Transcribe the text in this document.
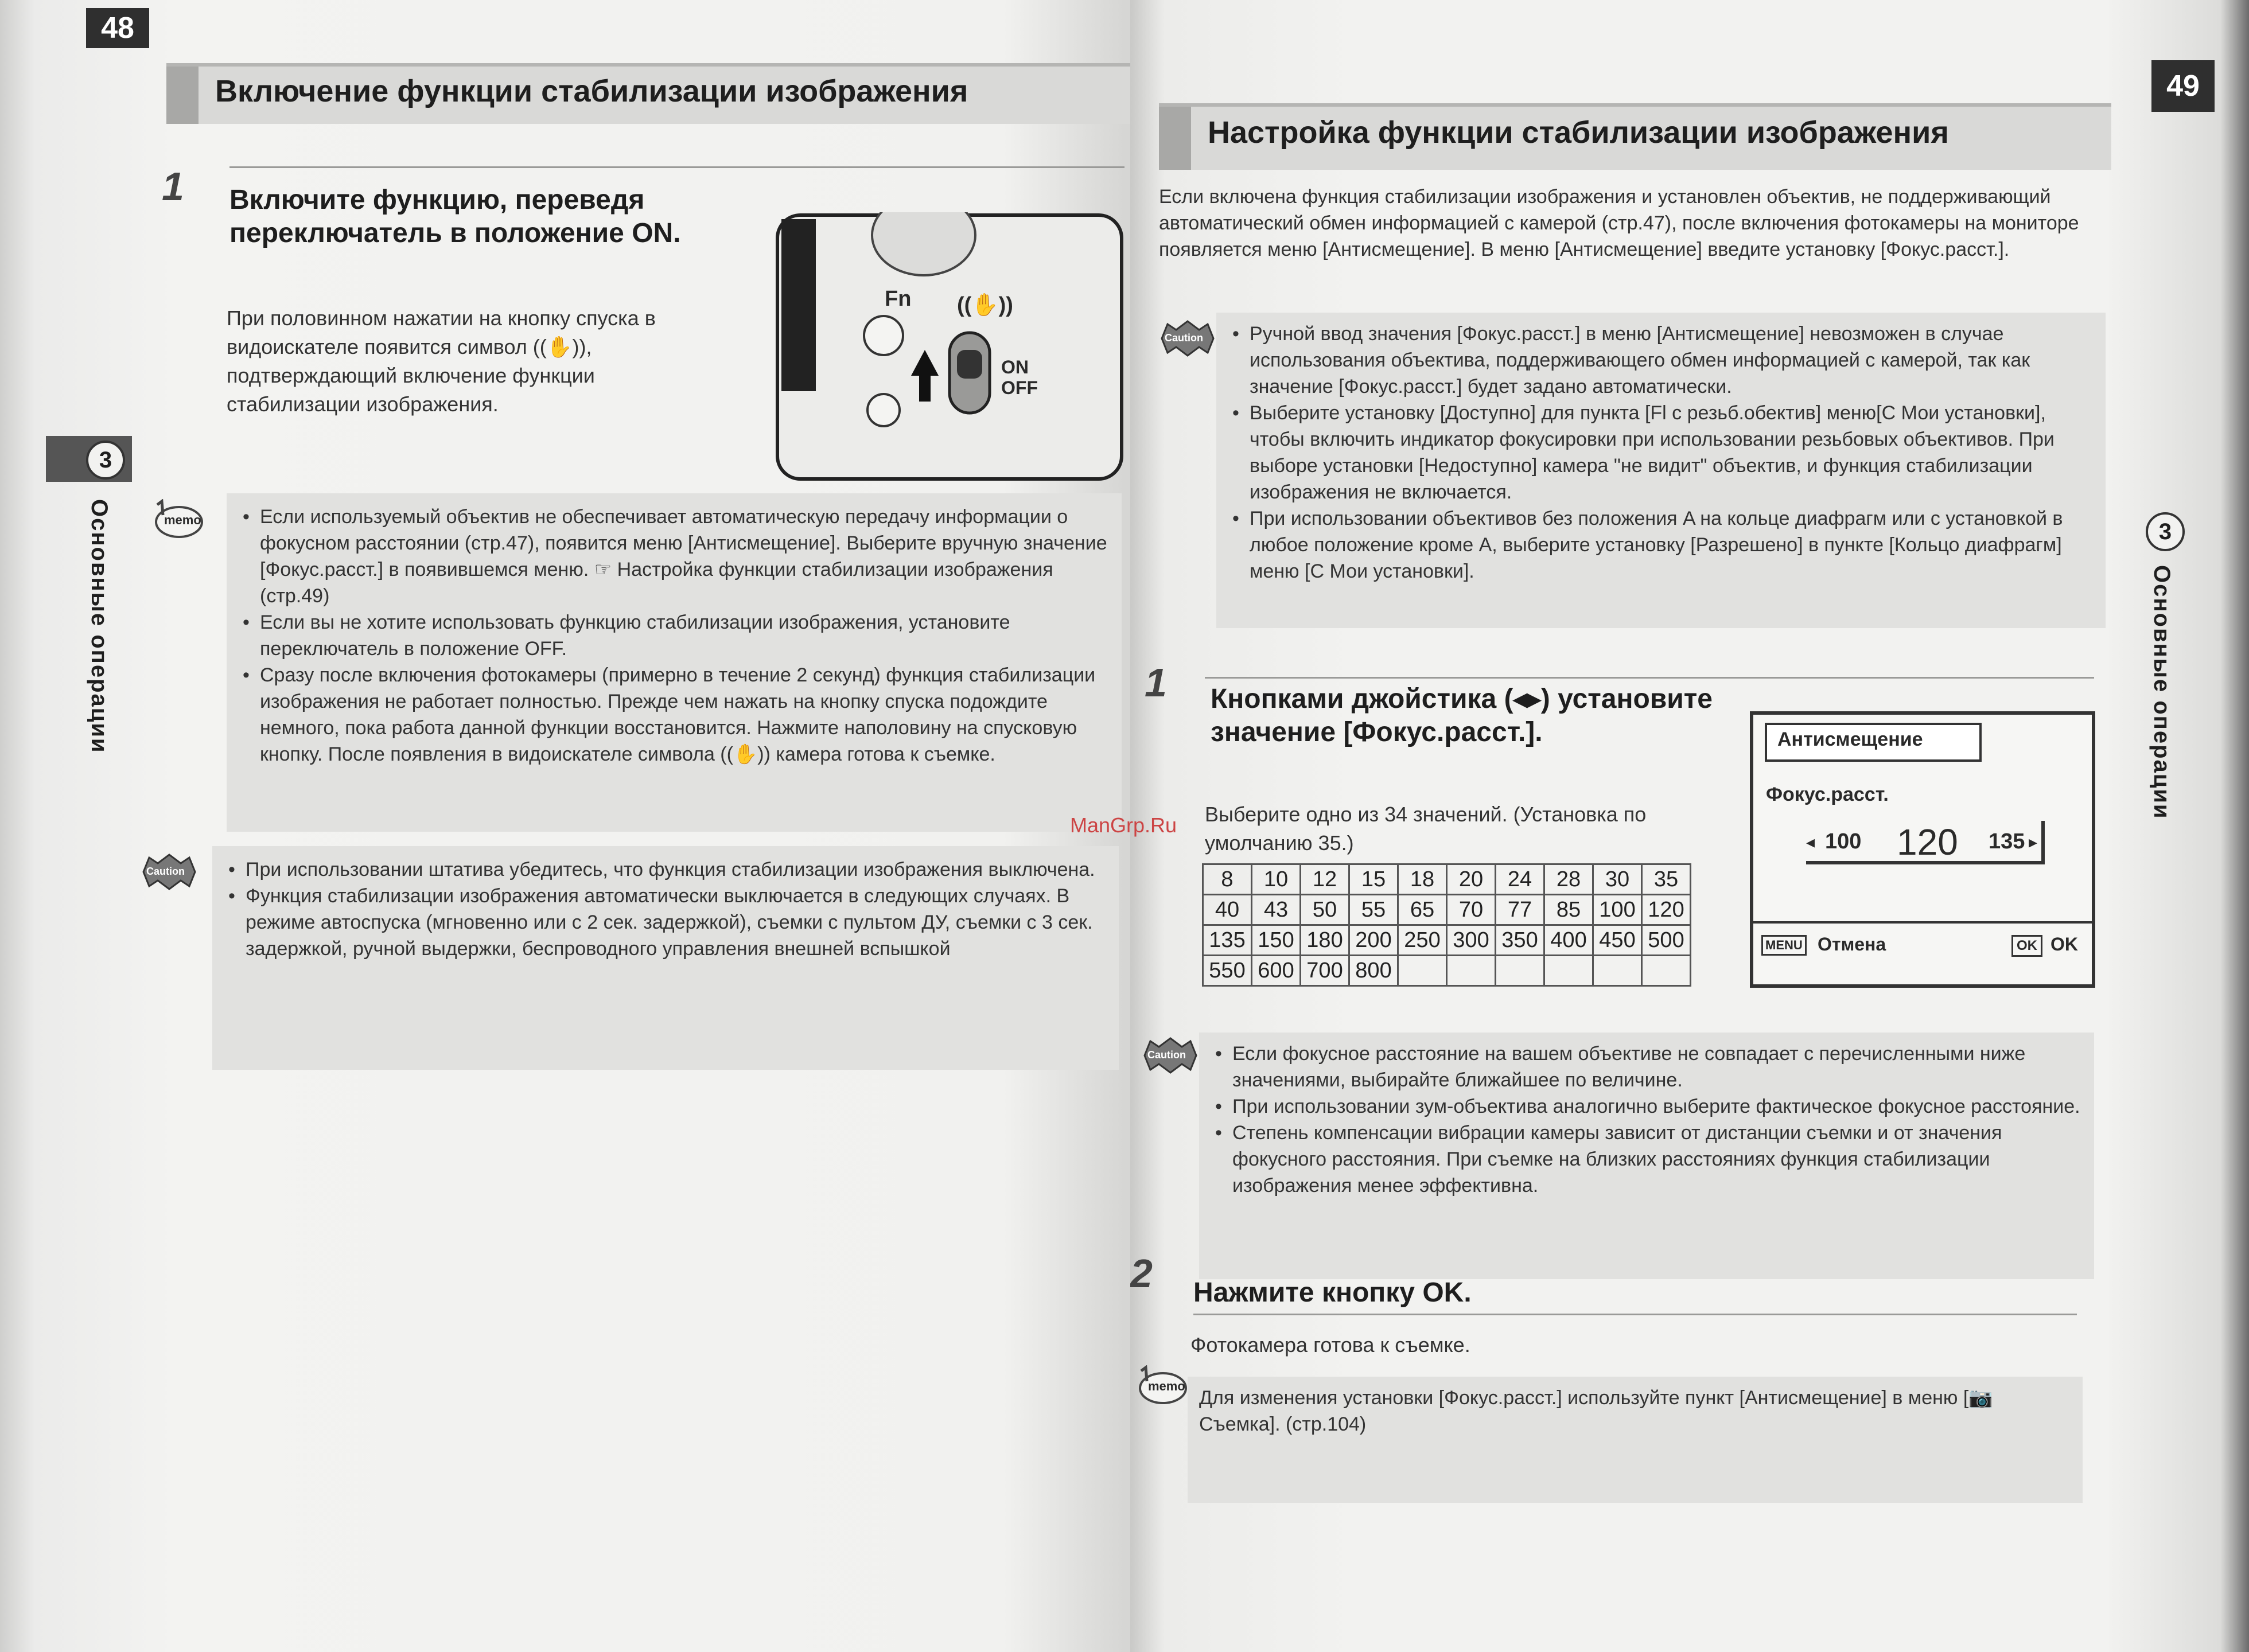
48
Включение функции стабилизации изображения
1 Включите функцию, переведя переключатель в положение ON.
При половинном нажатии на кнопку спуска в видоискателе появится символ ((✋)), подтверждающий включение функции стабилизации изображения.
Fn ((✋))
ON
OFF
3
Основные операции	memo	• Если используемый объектив не обеспечивает автоматическую передачу информации о фокусном расстоянии (стр.47), появится меню [Антисмещение]. Выберите вручную значение [Фокус.расст.] в появившемся меню. ☞ Настройка функции стабилизации изображения (стр.49)
• Если вы не хотите использовать функцию стабилизации изображения, установите переключатель в положение OFF.
• Сразу после включения фотокамеры (примерно в течение 2 секунд) функция стабилизации изображения не работает полностью. Прежде чем нажать на кнопку спуска подождите немного, пока работа данной функции восстановится. Нажмите наполовину на спусковую кнопку. После появления в видоискателе символа ((✋)) камера готова к съемке.
Caution	• При использовании штатива убедитесь, что функция стабилизации изображения выключена.
• Функция стабилизации изображения автоматически выключается в следующих случаях. В режиме автоспуска (мгновенно или с 2 сек. задержкой), съемки с пультом ДУ, съемки с 3 сек. задержкой, ручной выдержки, беспроводного управления внешней вспышкой
49
Настройка функции стабилизации изображения
Если включена функция стабилизации изображения и установлен объектив, не поддерживающий автоматический обмен информацией с камерой (стр.47), после включения фотокамеры на мониторе появляется меню [Антисмещение]. В меню [Антисмещение] введите установку [Фокус.расст.].
Caution	• Ручной ввод значения [Фокус.расст.] в меню [Антисмещение] невозможен в случае использования объектива, поддерживающего обмен информацией с камерой, так как значение [Фокус.расст.] будет задано автоматически.
• Выберите установку [Доступно] для пункта [Fl с резьб.обектив] меню[C Мои установки], чтобы включить индикатор фокусировки при использовании резьбовых объективов. При выборе установки [Недоступно] камера "не видит" объектив, и функция стабилизации изображения не включается.
• При использовании объективов без положения A на кольце диафрагм или с установкой в любое положение кроме A, выберите установку [Разрешено] в пункте [Кольцо диафрагм] меню [C Мои установки].
3
Основные операции
1 Кнопками джойстика (◂▸) установите значение [Фокус.расст.].
Выберите одно из 34 значений. (Установка по умолчанию 35.)
8	10	12	15	18	20	24	28	30	35
40	43	50	55	65	70	77	85	100	120
135	150	180	200	250	300	350	400	450	500
550	600	700	800						
Антисмещение
Фокус.расст.
◂	▸
100 120 135
MENU Отмена	OK OK
Caution	• Если фокусное расстояние на вашем объективе не совпадает с перечисленными ниже значениями, выбирайте ближайшее по величине.
• При использовании зум-объектива аналогично выберите фактическое фокусное расстояние.
• Степень компенсации вибрации камеры зависит от дистанции съемки и от значения фокусного расстояния. При съемке на близких расстояниях функция стабилизации изображения менее эффективна.
2 Нажмите кнопку OK.
Фотокамера готова к съемке.
memo
Для изменения установки [Фокус.расст.] используйте пункт [Антисмещение] в меню [📷 Съемка]. (стр.104)
ManGrp.Ru
